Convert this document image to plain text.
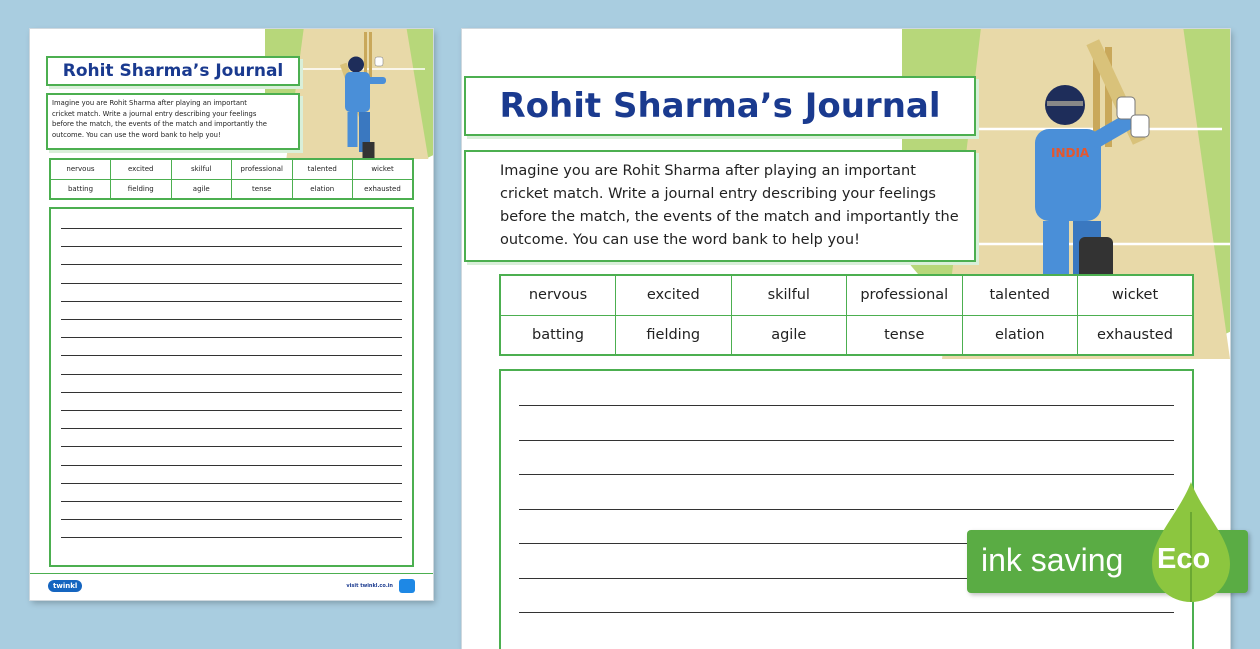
Rohit Sharma’s Journal
Imagine you are Rohit Sharma after playing an important
cricket match. Write a journal entry describing your feelings
before the match, the events of the match and importantly the
outcome. You can use the word bank to help you!
nervous	excited	skilful	professional	talented	wicket
batting	fielding	agile	tense	elation	exhausted
twinkl	visit twinkl.co.in
INDIA
Rohit Sharma’s Journal
Imagine you are Rohit Sharma after playing an important
cricket match. Write a journal entry describing your feelings
before the match, the events of the match and importantly the
outcome. You can use the word bank to help you!
nervous	excited	skilful	professional	talented	wicket
batting	fielding	agile	tense	elation	exhausted
ink saving Eco
